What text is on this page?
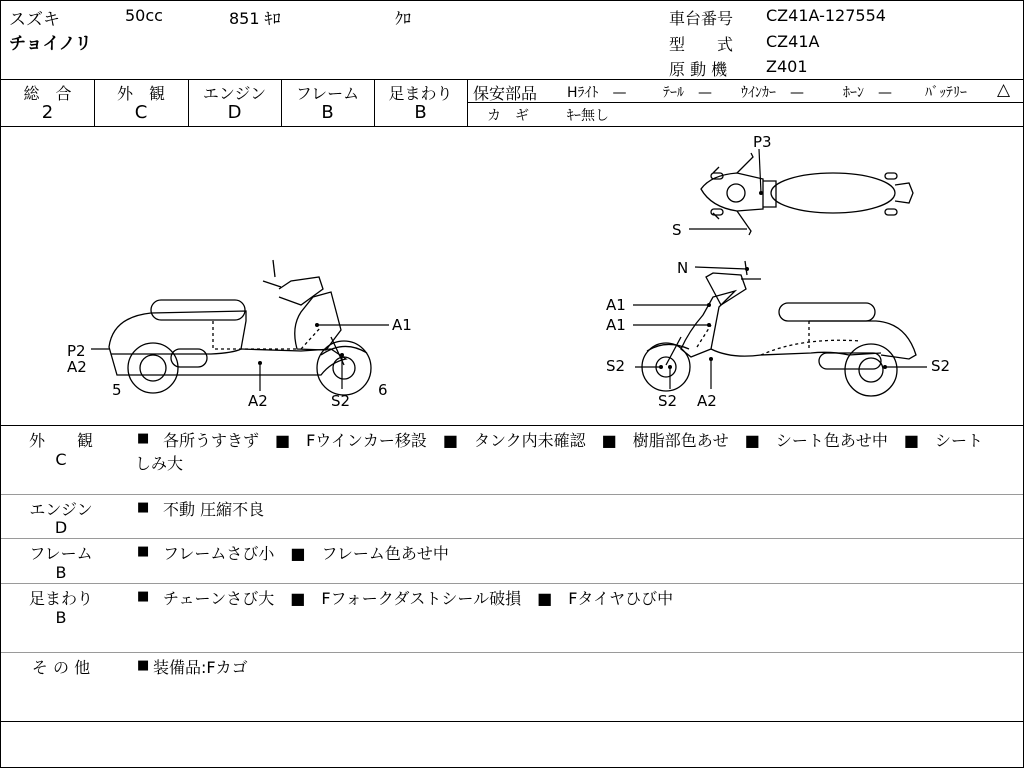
スズキ	50cc	851 ｷﾛ	ｸﾛ
チョイノリ
車台番号 CZ41A-127554
型　　式 CZ41A
原 動 機 Z401
総　合
2
外　観
C
エンジン
D
フレーム
B
足まわり
B
保安部品 Hﾗｲﾄ　—	ﾃｰﾙ　— ｳｲﾝｶｰ　—	ﾎｰﾝ　— ﾊﾞｯﾃﾘｰ △
カ　ギ	ｷｰ無し
P3
S
N
A1
P2
A2
5
A2	S2
6
A1
A1
S2
S2 A2
S2
外　　観
C
■ 各所うすきず　■　Fウインカー移設　■　タンク内未確認　■　樹脂部色あせ　■　シート色あせ中　■　シート
しみ大
エンジン
D
■ 不動 圧縮不良
フレーム
B
■ フレームさび小　■　フレーム色あせ中
足まわり
B
■ チェーンさび大　■　Fフォークダストシール破損　■　Fタイヤひび中
そ の 他	■ 装備品:Fカゴ
